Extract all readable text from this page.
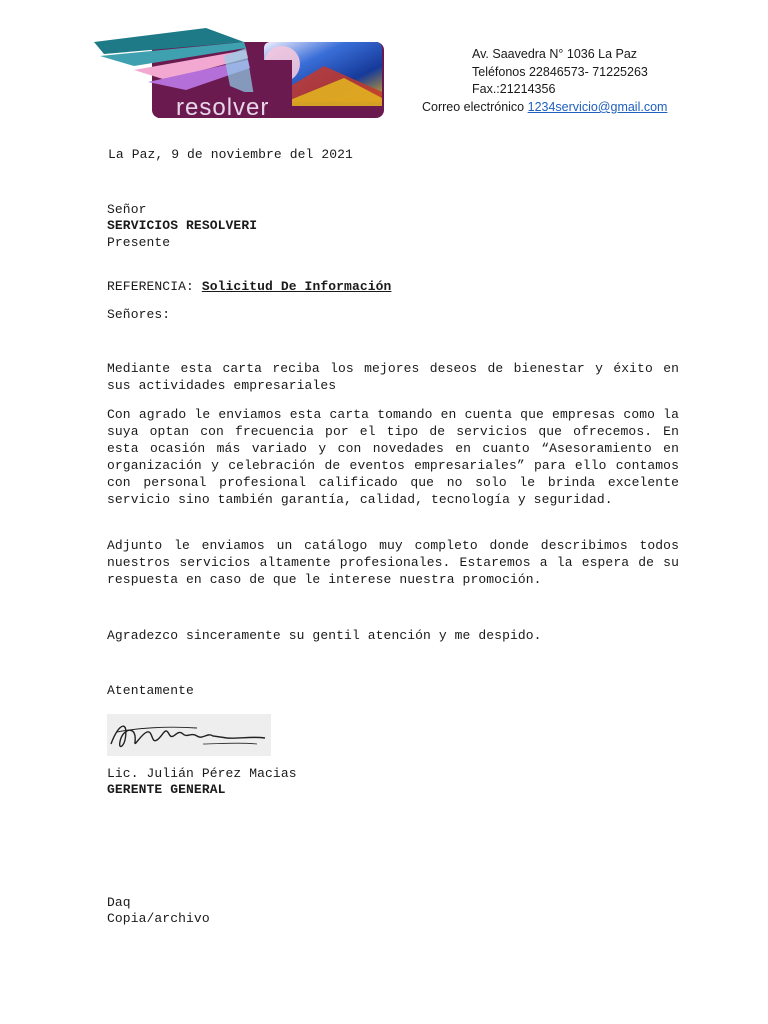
resolver
Av. Saavedra N° 1036 La Paz
Teléfonos 22846573- 71225263
Fax.:21214356
Correo electrónico 1234servicio@gmail.com
La Paz, 9 de noviembre del 2021
Señor
SERVICIOS RESOLVERI
Presente
REFERENCIA: Solicitud De Información
Señores:
Mediante esta carta reciba los mejores deseos de bienestar y éxito en sus actividades empresariales
Con agrado le enviamos esta carta tomando en cuenta que empresas como la suya optan con frecuencia por el tipo de servicios que ofrecemos. En esta ocasión más variado y con novedades en cuanto “Asesoramiento en organización y celebración de eventos empresariales” para ello contamos con personal profesional calificado que no solo le brinda excelente servicio sino también garantía, calidad, tecnología y seguridad.
Adjunto le enviamos un catálogo muy completo donde describimos todos nuestros servicios altamente profesionales. Estaremos a la espera de su respuesta en caso de que le interese nuestra promoción.
Agradezco sinceramente su gentil atención y me despido.
Atentamente
Lic. Julián Pérez Macias
GERENTE GENERAL
Daq
Copia/archivo
